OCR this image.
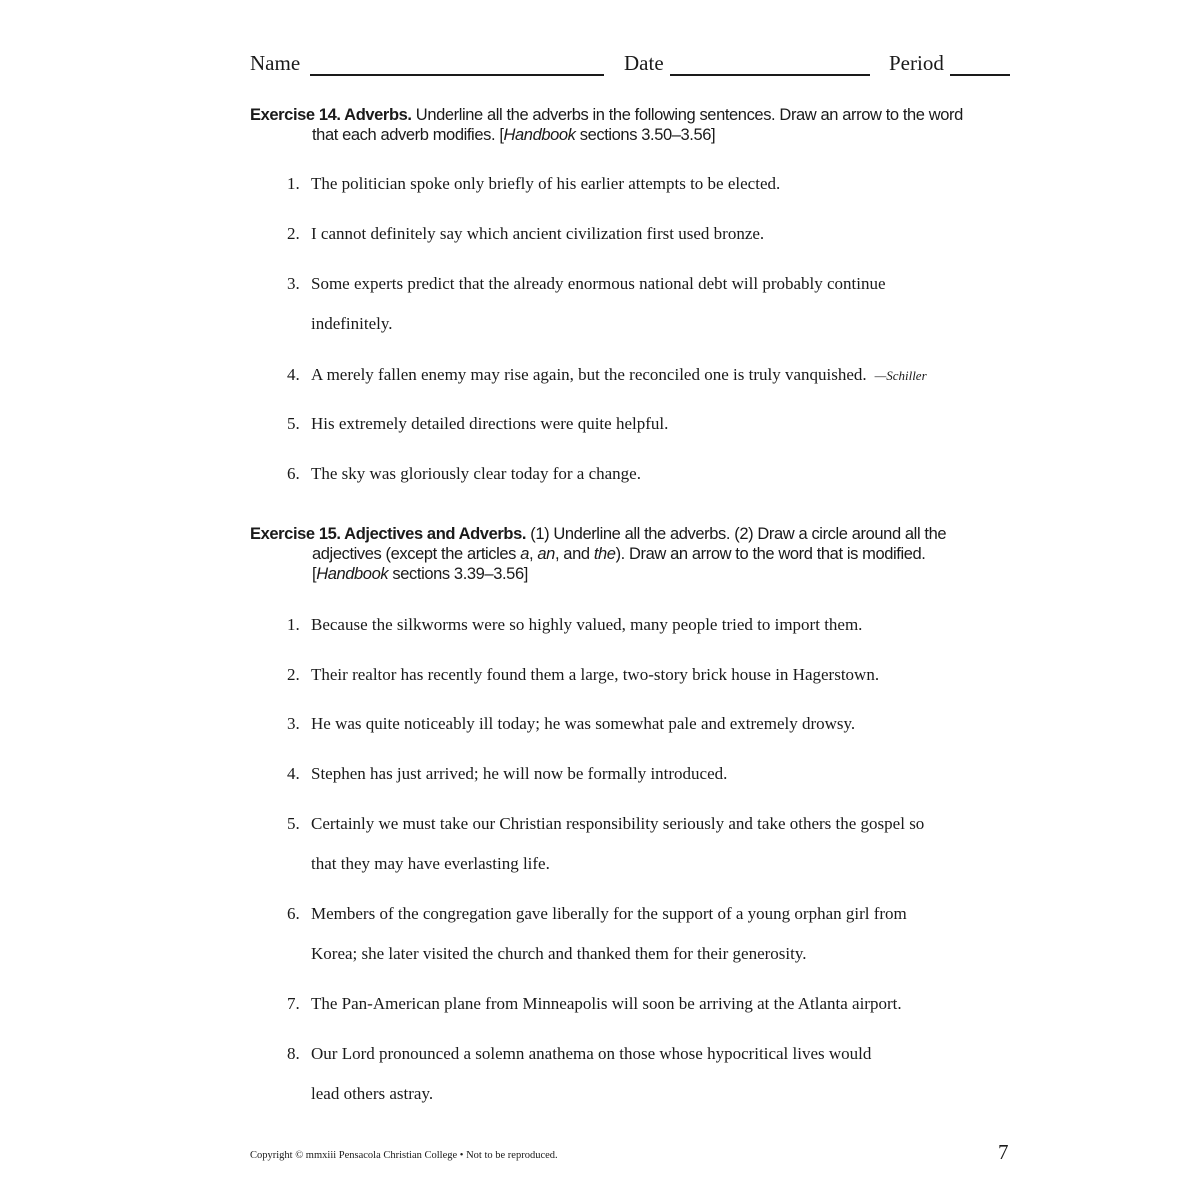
Name	Date	Period
Exercise 14. Adverbs. Underline all the adverbs in the following sentences. Draw an arrow to the word
that each adverb modifies. [Handbook sections 3.50–3.56]
1. The politician spoke only briefly of his earlier attempts to be elected.
2. I cannot definitely say which ancient civilization first used bronze.
3. Some experts predict that the already enormous national debt will probably continue
indefinitely.
4. A merely fallen enemy may rise again, but the reconciled one is truly vanquished. —Schiller
5. His extremely detailed directions were quite helpful.
6. The sky was gloriously clear today for a change.
Exercise 15. Adjectives and Adverbs. (1) Underline all the adverbs. (2) Draw a circle around all the
adjectives (except the articles a, an, and the). Draw an arrow to the word that is modified.
[Handbook sections 3.39–3.56]
1. Because the silkworms were so highly valued, many people tried to import them.
2. Their realtor has recently found them a large, two-story brick house in Hagerstown.
3. He was quite noticeably ill today; he was somewhat pale and extremely drowsy.
4. Stephen has just arrived; he will now be formally introduced.
5. Certainly we must take our Christian responsibility seriously and take others the gospel so
that they may have everlasting life.
6. Members of the congregation gave liberally for the support of a young orphan girl from
Korea; she later visited the church and thanked them for their generosity.
7. The Pan-American plane from Minneapolis will soon be arriving at the Atlanta airport.
8. Our Lord pronounced a solemn anathema on those whose hypocritical lives would
lead others astray.
Copyright © mmxiii Pensacola Christian College • Not to be reproduced.	7
